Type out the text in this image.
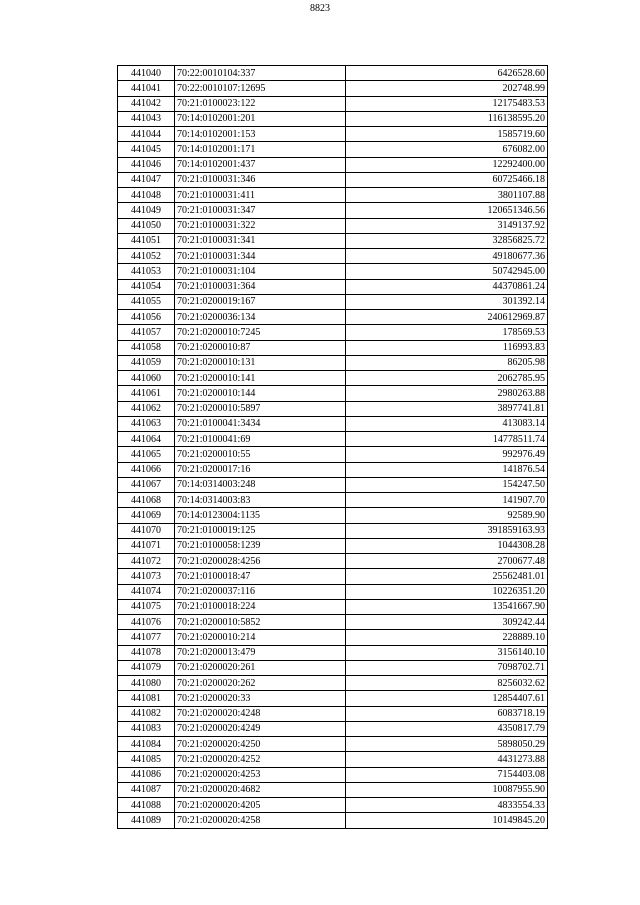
8823
441040	70:22:0010104:337	6426528.60
441041	70:22:0010107:12695	202748.99
441042	70:21:0100023:122	12175483.53
441043	70:14:0102001:201	116138595.20
441044	70:14:0102001:153	1585719.60
441045	70:14:0102001:171	676082.00
441046	70:14:0102001:437	12292400.00
441047	70:21:0100031:346	60725466.18
441048	70:21:0100031:411	3801107.88
441049	70:21:0100031:347	120651346.56
441050	70:21:0100031:322	3149137.92
441051	70:21:0100031:341	32856825.72
441052	70:21:0100031:344	49180677.36
441053	70:21:0100031:104	50742945.00
441054	70:21:0100031:364	44370861.24
441055	70:21:0200019:167	301392.14
441056	70:21:0200036:134	240612969.87
441057	70:21:0200010:7245	178569.53
441058	70:21:0200010:87	116993.83
441059	70:21:0200010:131	86205.98
441060	70:21:0200010:141	2062785.95
441061	70:21:0200010:144	2980263.88
441062	70:21:0200010:5897	3897741.81
441063	70:21:0100041:3434	413083.14
441064	70:21:0100041:69	14778511.74
441065	70:21:0200010:55	992976.49
441066	70:21:0200017:16	141876.54
441067	70:14:0314003:248	154247.50
441068	70:14:0314003:83	141907.70
441069	70:14:0123004:1135	92589.90
441070	70:21:0100019:125	391859163.93
441071	70:21:0100058:1239	1044308.28
441072	70:21:0200028:4256	2700677.48
441073	70:21:0100018:47	25562481.01
441074	70:21:0200037:116	10226351.20
441075	70:21:0100018:224	13541667.90
441076	70:21:0200010:5852	309242.44
441077	70:21:0200010:214	228889.10
441078	70:21:0200013:479	3156140.10
441079	70:21:0200020:261	7098702.71
441080	70:21:0200020:262	8256032.62
441081	70:21:0200020:33	12854407.61
441082	70:21:0200020:4248	6083718.19
441083	70:21:0200020:4249	4350817.79
441084	70:21:0200020:4250	5898050.29
441085	70:21:0200020:4252	4431273.88
441086	70:21:0200020:4253	7154403.08
441087	70:21:0200020:4682	10087955.90
441088	70:21:0200020:4205	4833554.33
441089	70:21:0200020:4258	10149845.20
